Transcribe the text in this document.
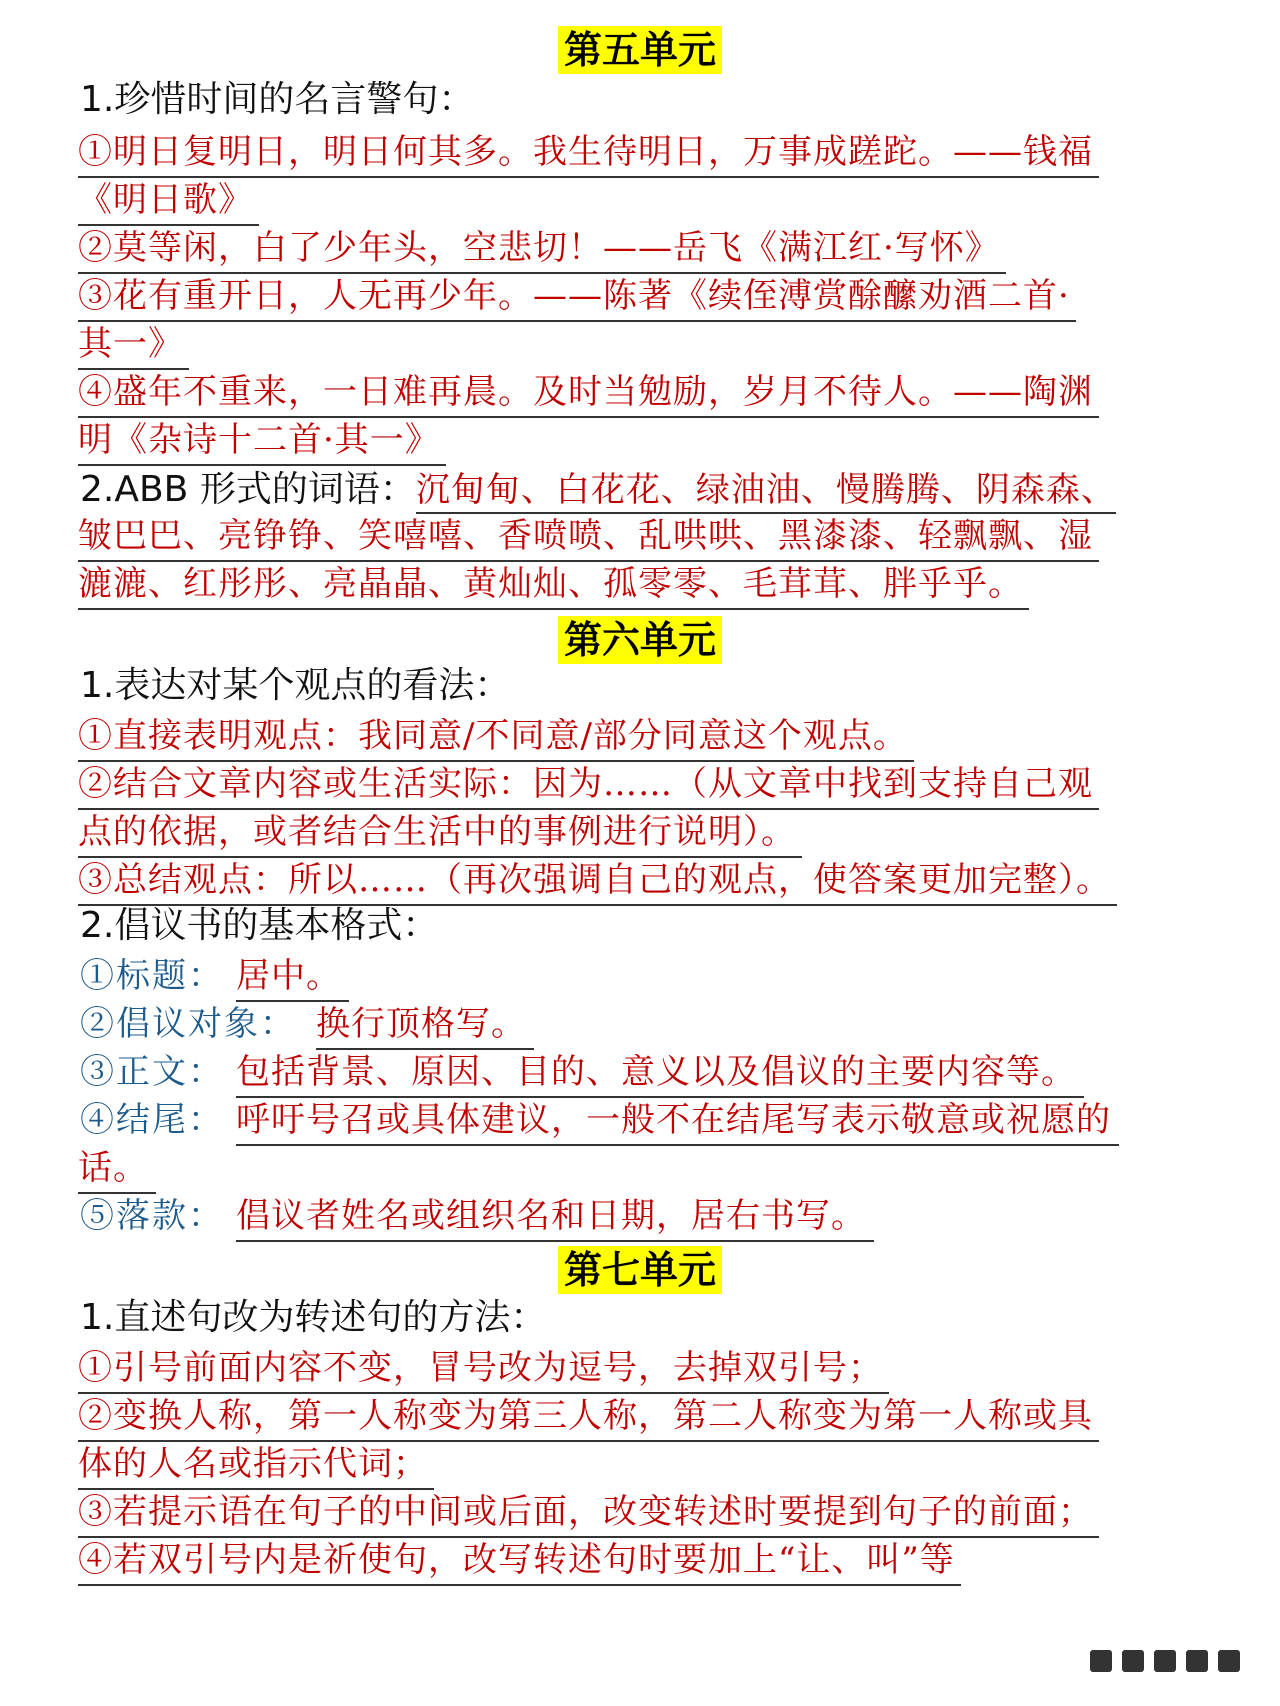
第五单元
1.珍惜时间的名言警句：
①明日复明日，明日何其多。我生待明日，万事成蹉跎。——钱福
《明日歌》
②莫等闲，白了少年头，空悲切！——岳飞《满江红·写怀》
③花有重开日，人无再少年。——陈著《续侄溥赏酴醿劝酒二首·
其一》
④盛年不重来，一日难再晨。及时当勉励，岁月不待人。——陶渊
明《杂诗十二首·其一》
2.ABB 形式的词语：沉甸甸、白花花、绿油油、慢腾腾、阴森森、
皱巴巴、亮铮铮、笑嘻嘻、香喷喷、乱哄哄、黑漆漆、轻飘飘、湿
漉漉、红彤彤、亮晶晶、黄灿灿、孤零零、毛茸茸、胖乎乎。
第六单元
1.表达对某个观点的看法：
①直接表明观点：我同意/不同意/部分同意这个观点。
②结合文章内容或生活实际：因为……（从文章中找到支持自己观
点的依据，或者结合生活中的事例进行说明）。
③总结观点：所以……（再次强调自己的观点，使答案更加完整）。
2.倡议书的基本格式：
①标题： 居中。
②倡议对象： 换行顶格写。
③正文： 包括背景、原因、目的、意义以及倡议的主要内容等。
④结尾： 呼吁号召或具体建议，一般不在结尾写表示敬意或祝愿的
话。
⑤落款： 倡议者姓名或组织名和日期，居右书写。
第七单元
1.直述句改为转述句的方法：
①引号前面内容不变，冒号改为逗号，去掉双引号；
②变换人称，第一人称变为第三人称，第二人称变为第一人称或具
体的人名或指示代词；
③若提示语在句子的中间或后面，改变转述时要提到句子的前面；
④若双引号内是祈使句，改写转述句时要加上“让、叫”等
